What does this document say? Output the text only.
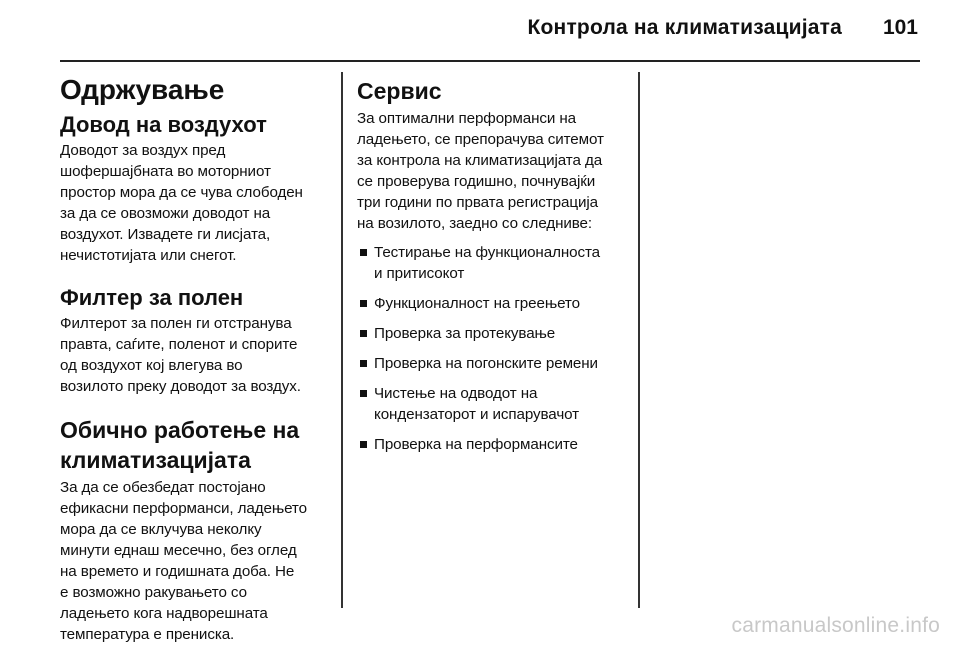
Контрола на климатизацијата 101
Одржување
Довод на воздухот

Доводот за воздух пред
шофершајбната во моторниот
простор мора да се чува слободен
за да се овозможи доводот на
воздухот. Извадете ги лисјата,
нечистотијата или снегот.

Филтер за полен

Филтерот за полен ги отстранува
правта, саѓите, поленот и спорите
од воздухот кој влегува во
возилото преку доводот за воздух.

Обично работење на
климатизацијата

За да се обезбедат постојано
ефикасни перформанси, ладењето
мора да се вклучува неколку
минути еднаш месечно, без оглед
на времето и годишната доба. Не
е возможно ракувањето со
ладењето кога надворешната
температура е прениска.

Сервис

За оптимални перформанси на
ладењето, се препорачува ситемот
за контрола на климатизацијата да
се проверува годишно, почнувајќи
три години по првата регистрација
на возилото, заедно со следниве:

Тестирање на функционалноста
и притисокот
Функционалност на греењето
Проверка за протекување
Проверка на погонските ремени
Чистење на одводот на
кондензаторот и испарувачот
Проверка на перформансите
carmanualsonline.info
